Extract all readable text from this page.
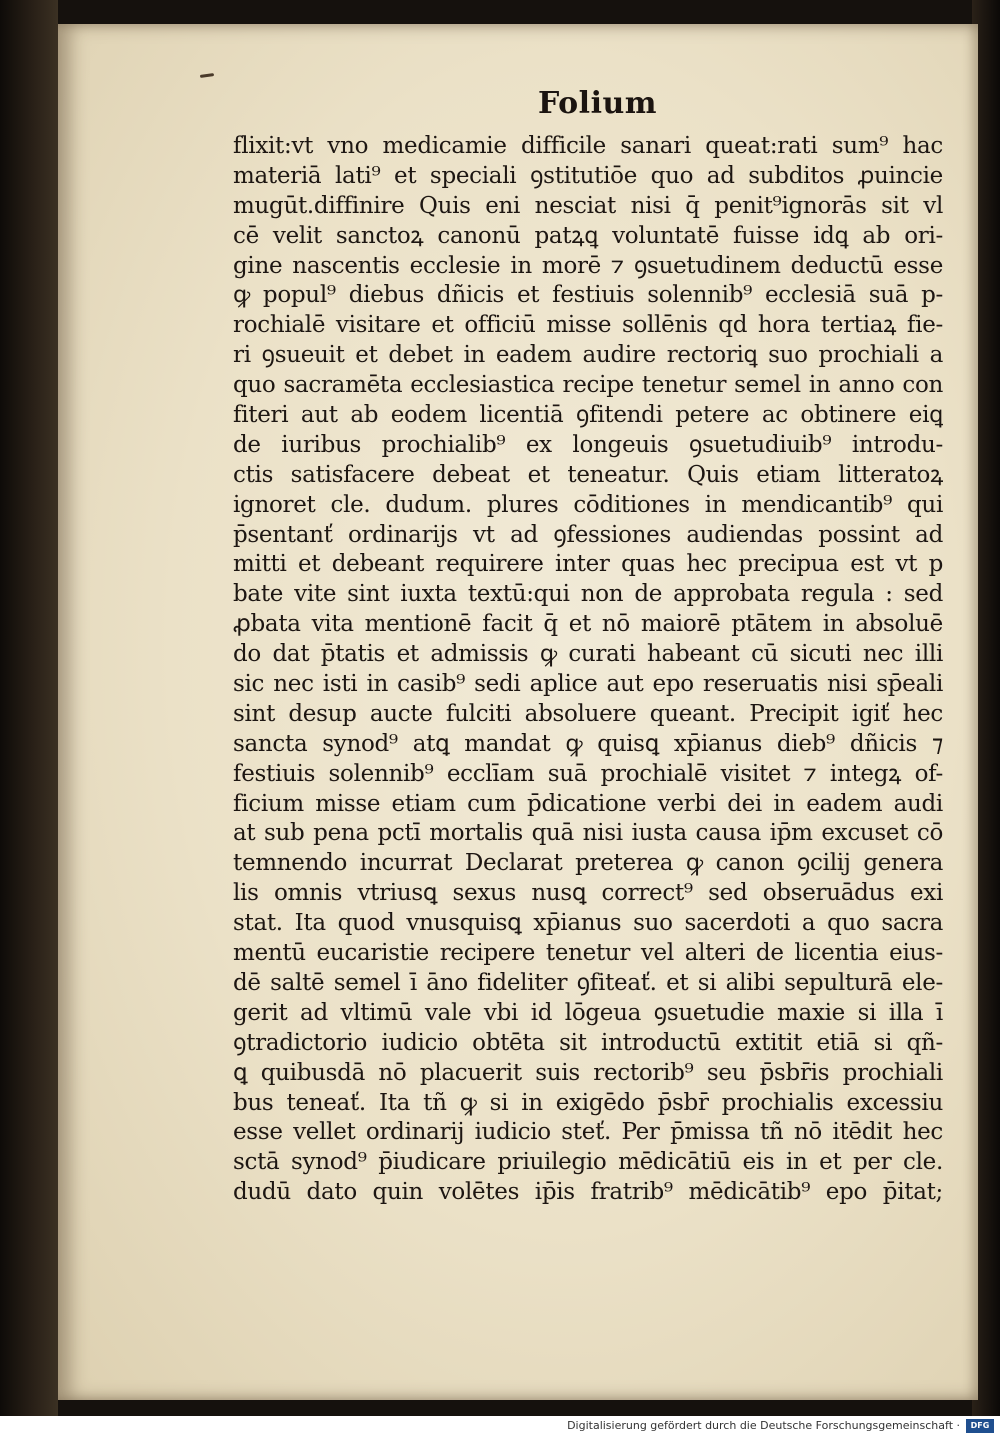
Folium
flixit:vt vno medicamie difficile sanari queat:rati sum⁹ hac
materiā lati⁹ et speciali ꝯstitutiōe quo ad subditos ꝓuincie
mugūt.diffinire Quis eni nesciat nisi q̄ penit⁹ignorās sit vl
cē velit sanctoꝝ canonū patꝝꝗ voluntatē fuisse idꝗ ab ori-
gine nascentis ecclesie in morē ⁊ ꝯsuetudinem deductū esse
ꝙ popul⁹ diebus dñicis et festiuis solennib⁹ ecclesiā suā p-
rochialē visitare et officiū misse sollēnis qd hora tertiaꝝ fie-
ri ꝯsueuit et debet in eadem audire rectoriꝗ suo prochiali a
quo sacramēta ecclesiastica recipe tenetur semel in anno con
fiteri aut ab eodem licentiā ꝯfitendi petere ac obtinere eiꝗ
de iuribus prochialib⁹ ex longeuis ꝯsuetudiuib⁹ introdu-
ctis satisfacere debeat et teneatur. Quis etiam litteratoꝝ
ignoret cle. dudum. plures cōditiones in mendicantib⁹ qui
p̄sentanť ordinarijs vt ad ꝯfessiones audiendas possint ad
mitti et debeant requirere inter quas hec precipua est vt p
bate vite sint iuxta textū:qui non de approbata regula : sed
ꝓbata vita mentionē facit q̄ et nō maiorē ptātem in absoluē
do dat p̄tatis et admissis ꝙ curati habeant cū sicuti nec illi
sic nec isti in casib⁹ sedi aplice aut epo reseruatis nisi sp̄eali
sint desup aucte fulciti absoluere queant. Precipit igiť hec
sancta synod⁹ atꝗ mandat ꝙ quisꝗ xp̄ianus dieb⁹ dñicis ⁊
festiuis solennib⁹ ecclīam suā prochialē visitet ⁊ integꝝ of-
ficium misse etiam cum p̄dicatione verbi dei in eadem audi
at sub pena pctī mortalis quā nisi iusta causa ip̄m excuset cō
temnendo incurrat Declarat preterea ꝙ canon ꝯcilij genera
lis omnis vtriusꝗ sexus nusꝗ correct⁹ sed obseruādus exi
stat. Ita quod vnusquisꝗ xp̄ianus suo sacerdoti a quo sacra
mentū eucaristie recipere tenetur vel alteri de licentia eius-
dē saltē semel ī āno fideliter ꝯfiteať. et si alibi sepulturā ele-
gerit ad vltimū vale vbi id lōgeua ꝯsuetudie maxie si illa ī
ꝯtradictorio iudicio obtēta sit introductū extitit etiā si qñ-
ꝗ quibusdā nō placuerit suis rectorib⁹ seu p̄sbr̄is prochiali
bus teneať. Ita tñ ꝙ si in exigēdo p̄sbr̄ prochialis excessiu
esse vellet ordinarij iudicio steť. Per p̄missa tñ nō itēdit hec
sctā synod⁹ p̄iudicare priuilegio mēdicātiū eis in et per cle.
dudū dato quin volētes ip̄is fratrib⁹ mēdicātib⁹ epo p̄itat;
Digitalisierung gefördert durch die Deutsche Forschungsgemeinschaft ·	DFG
